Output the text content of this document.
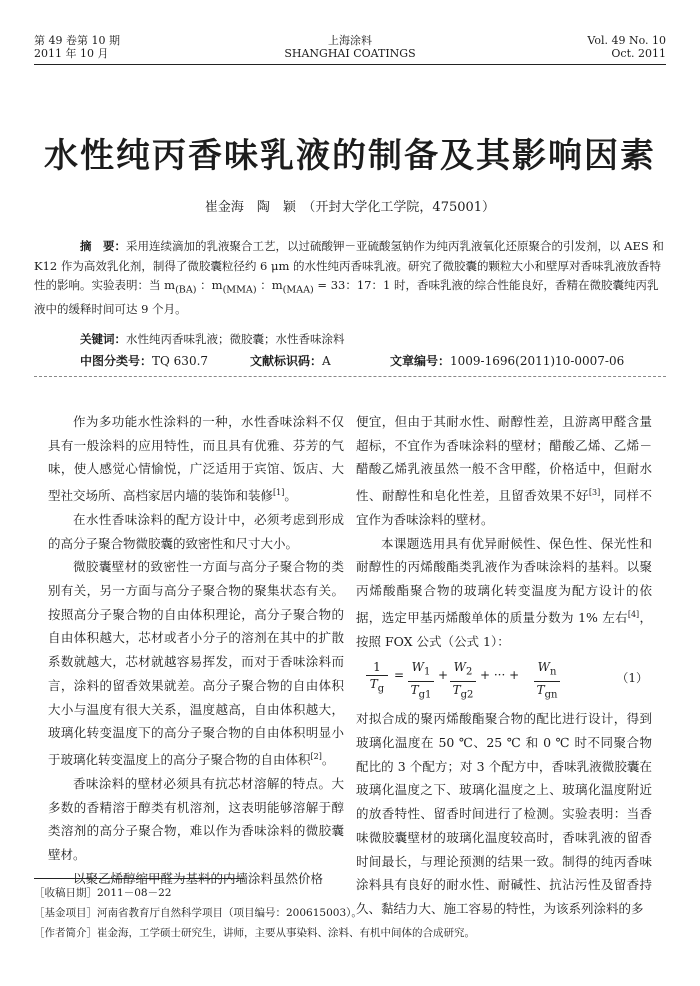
第 49 卷第 10 期
2011 年 10 月
上海涂料
SHANGHAI COATINGS
Vol. 49 No. 10
Oct. 2011
水性纯丙香味乳液的制备及其影响因素
崔金海　陶　颖　（开封大学化工学院，475001）

摘　要：采用连续滴加的乳液聚合工艺，以过硫酸钾－亚硫酸氢钠作为纯丙乳液氧化还原聚合的引发剂，以 AES 和 K12 作为高效乳化剂，制得了微胶囊粒径约 6 μm 的水性纯丙香味乳液。研究了微胶囊的颗粒大小和壁厚对香味乳液放香特性的影响。实验表明：当 $m_{(BA)}$ ：$m_{(MMA)}$ ：$m_{(MAA)} = 33$：17：1 时，香味乳液的综合性能良好，香精在微胶囊纯丙乳液中的缓释时间可达 9 个月。

关键词：水性纯丙香味乳液；微胶囊；水性香味涂料
中图分类号：TQ 630.7	文献标识码：A	文章编号：1009-1696(2011)10-0007-06

作为多功能水性涂料的一种，水性香味涂料不仅具有一般涂料的应用特性，而且具有优雅、芬芳的气味，使人感觉心情愉悦，广泛适用于宾馆、饭店、大型社交场所、高档家居内墙的装饰和装修[1]。

在水性香味涂料的配方设计中，必须考虑到形成的高分子聚合物微胶囊的致密性和尺寸大小。

微胶囊壁材的致密性一方面与高分子聚合物的类别有关，另一方面与高分子聚合物的聚集状态有关。按照高分子聚合物的自由体积理论，高分子聚合物的自由体积越大，芯材或者小分子的溶剂在其中的扩散系数就越大，芯材就越容易挥发，而对于香味涂料而言，涂料的留香效果就差。高分子聚合物的自由体积大小与温度有很大关系，温度越高，自由体积越大，玻璃化转变温度下的高分子聚合物的自由体积明显小于玻璃化转变温度上的高分子聚合物的自由体积[2]。

香味涂料的壁材必须具有抗芯材溶解的特点。大多数的香精溶于醇类有机溶剂，这表明能够溶解于醇类溶剂的高分子聚合物，难以作为香味涂料的微胶囊壁材。

以聚乙烯醇缩甲醛为基料的内墙涂料虽然价格

便宜，但由于其耐水性、耐醇性差，且游离甲醛含量超标，不宜作为香味涂料的壁材；醋酸乙烯、乙烯－醋酸乙烯乳液虽然一般不含甲醛，价格适中，但耐水性、耐醇性和皂化性差，且留香效果不好[3]，同样不宜作为香味涂料的壁材。

本课题选用具有优异耐候性、保色性、保光性和耐醇性的丙烯酸酯类乳液作为香味涂料的基料。以聚丙烯酸酯聚合物的玻璃化转变温度为配方设计的依据，选定甲基丙烯酸单体的质量分数为 1% 左右[4]，按照 FOX 公式（公式 1）：

$\frac{1}{T_g} = \frac{W_1}{T_{g1}} + \frac{W_2}{T_{g2}}$ + ··· +
$W_n$
$T_{gn}$
（1）

对拟合成的聚丙烯酸酯聚合物的配比进行设计，得到玻璃化温度在 50 ℃、25 ℃ 和 0 ℃ 时不同聚合物配比的 3 个配方；对 3 个配方中，香味乳液微胶囊在玻璃化温度之下、玻璃化温度之上、玻璃化温度附近的放香特性、留香时间进行了检测。实验表明：当香味微胶囊壁材的玻璃化温度较高时，香味乳液的留香时间最长，与理论预测的结果一致。制得的纯丙香味涂料具有良好的耐水性、耐碱性、抗沾污性及留香持久、黏结力大、施工容易的特性，为该系列涂料的多

［收稿日期］2011－08－22
［基金项目］河南省教育厅自然科学项目（项目编号：200615003）。
［作者简介］崔金海，工学硕士研究生，讲师，主要从事染料、涂料、有机中间体的合成研究。
